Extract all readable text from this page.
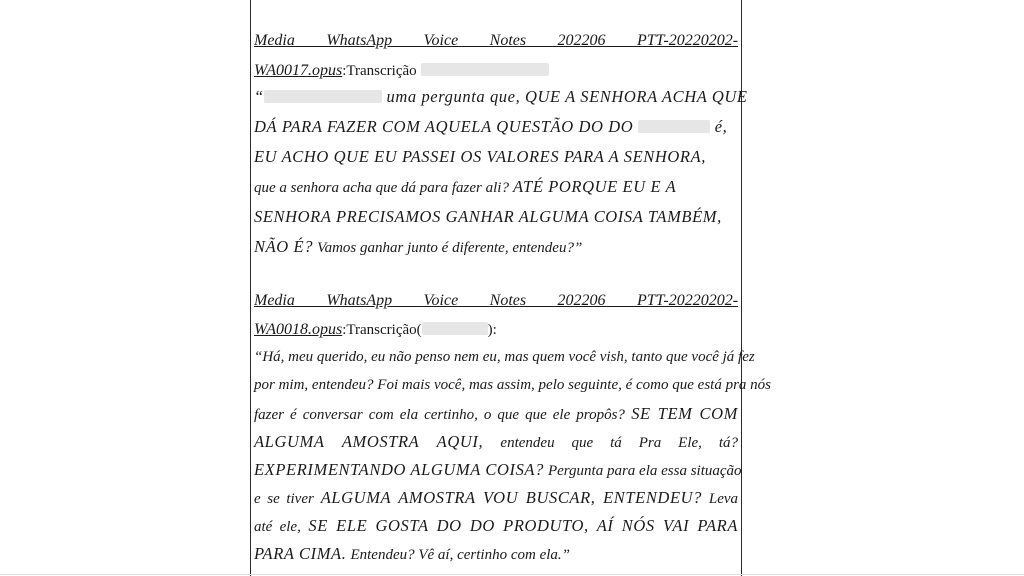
Media WhatsApp Voice Notes 202206 PTT-20220202-
WA0017.opus:Transcrição
“	uma pergunta que, QUE A SENHORA ACHA QUE
DÁ PARA FAZER COM AQUELA QUESTÃO DO DO	é,
EU ACHO QUE EU PASSEI OS VALORES PARA A SENHORA,
que a senhora acha que dá para fazer ali? ATÉ PORQUE EU E A
SENHORA PRECISAMOS GANHAR ALGUMA COISA TAMBÉM,
NÃO É? Vamos ganhar junto é diferente, entendeu?”
Media WhatsApp Voice Notes 202206 PTT-20220202-
WA0018.opus:Transcrição(	):
“Há, meu querido, eu não penso nem eu, mas quem você vish, tanto que você já fez
por mim, entendeu? Foi mais você, mas assim, pelo seguinte, é como que está pra nós
fazer é conversar com ela certinho, o que que ele propôs? SE TEM COM
ALGUMA AMOSTRA AQUI, entendeu que tá Pra Ele, tá?
EXPERIMENTANDO ALGUMA COISA? Pergunta para ela essa situação
e se tiver ALGUMA AMOSTRA VOU BUSCAR, ENTENDEU? Leva
até ele, SE ELE GOSTA DO DO PRODUTO, AÍ NÓS VAI PARA
PARA CIMA. Entendeu? Vê aí, certinho com ela.”
